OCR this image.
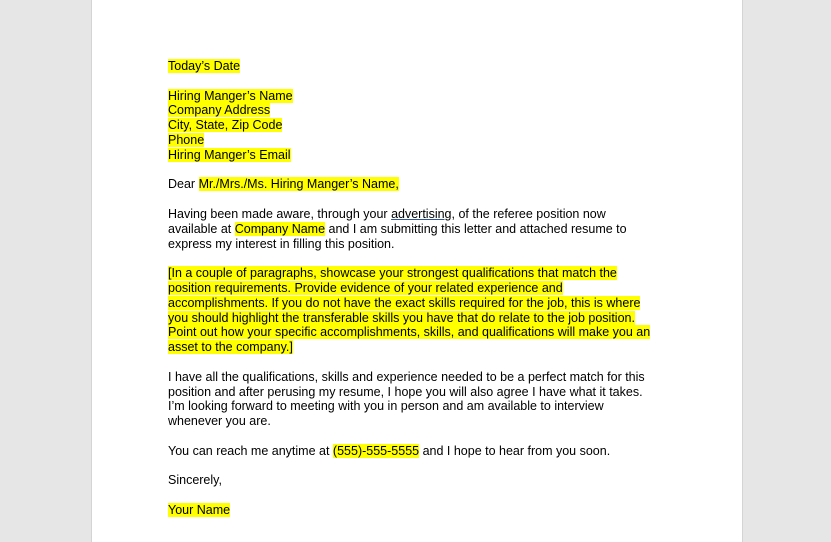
Today’s Date
Hiring Manger’s Name
Company Address
City, State, Zip Code
Phone
Hiring Manger’s Email
Dear Mr./Mrs./Ms. Hiring Manger’s Name,
Having been made aware, through your advertising, of the referee position now
available at Company Name and I am submitting this letter and attached resume to
express my interest in filling this position.
[In a couple of paragraphs, showcase your strongest qualifications that match the
position requirements. Provide evidence of your related experience and
accomplishments. If you do not have the exact skills required for the job, this is where
you should highlight the transferable skills you have that do relate to the job position.
Point out how your specific accomplishments, skills, and qualifications will make you an
asset to the company.]
I have all the qualifications, skills and experience needed to be a perfect match for this
position and after perusing my resume, I hope you will also agree I have what it takes.
I’m looking forward to meeting with you in person and am available to interview
whenever you are.
You can reach me anytime at (555)-555-5555 and I hope to hear from you soon.
Sincerely,
Your Name
